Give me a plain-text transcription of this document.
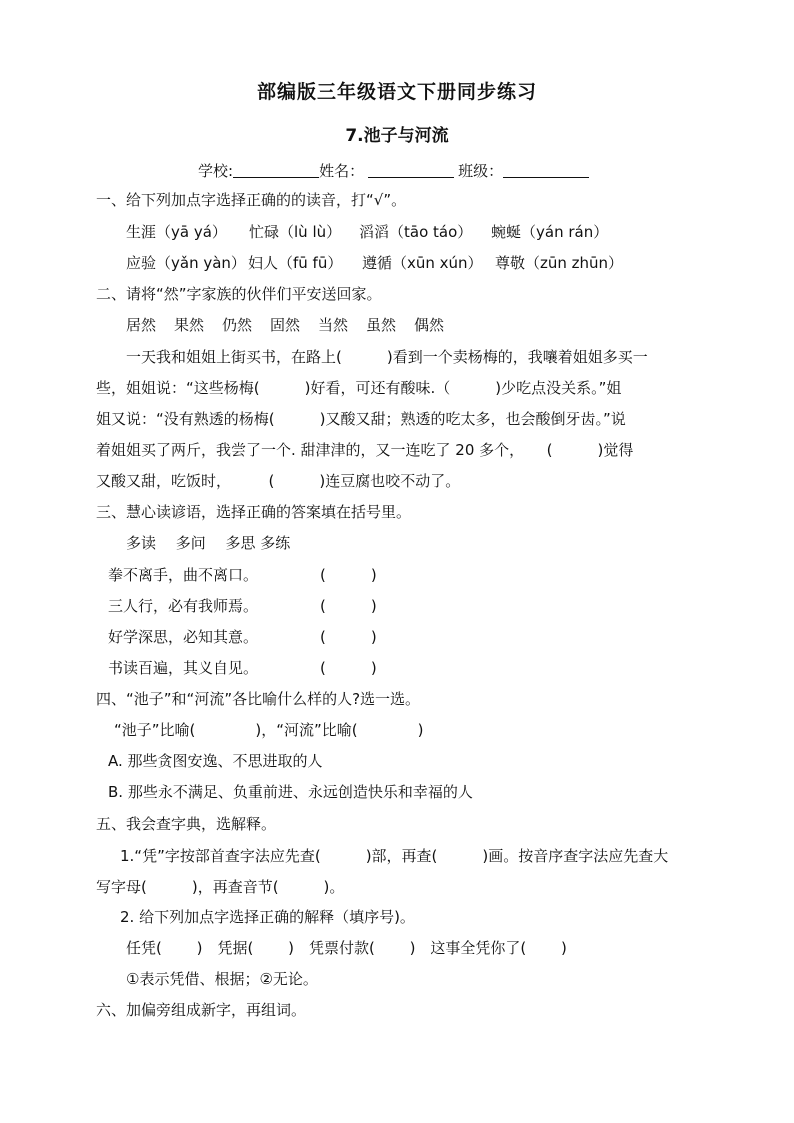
部编版三年级语文下册同步练习
7.池子与河流
学校:	姓名：	班级：
一、给下列加点字选择正确的的读音，打“√”。
生涯（yā yá） 忙碌（lù lù） 滔滔（tāo táo） 蜿蜒（yán rán）
应验（yǎn yàn） 妇人（fū fū） 遵循（xūn xún） 尊敬（zūn zhūn）
二、请将“然”字家族的伙伴们平安送回家。
居然 果然 仍然 固然 当然 虽然 偶然
一天我和姐姐上街买书，在路上(　　　)看到一个卖杨梅的，我嚷着姐姐多买一
些，姐姐说：“这些杨梅(　　　)好看，可还有酸味.（　　　)少吃点没关系。”姐
姐又说：“没有熟透的杨梅(　　　)又酸又甜；熟透的吃太多，也会酸倒牙齿。”说
着姐姐买了两斤，我尝了一个. 甜津津的，又一连吃了 20 多个，　　(　　　)觉得
又酸又甜，吃饭时，　　　(　　　)连豆腐也咬不动了。
三、慧心读谚语，选择正确的答案填在括号里。
多读　 多问　 多思 多练
拳不离手，曲不离口。	(　　　)
三人行，必有我师焉。	(　　　)
好学深思，必知其意。	(　　　)
书读百遍，其义自见。	(　　　)
四、“池子”和“河流”各比喻什么样的人?选一选。
“池子”比喻(　　　　)，“河流”比喻(　　　　)
A. 那些贪图安逸、不思进取的人
B. 那些永不满足、负重前进、永远创造快乐和幸福的人
五、我会查字典，选解释。
1.“凭”字按部首查字法应先查(　　　)部，再查(　　　)画。按音序查字法应先查大
写字母(　　　)，再查音节(　　　)。
2. 给下列加点字选择正确的解释（填序号)。
任凭(　　 )　凭据(　　 )　凭票付款(　　 )　这事全凭你了(　　 )
①表示凭借、根据；②无论。
六、加偏旁组成新字，再组词。
